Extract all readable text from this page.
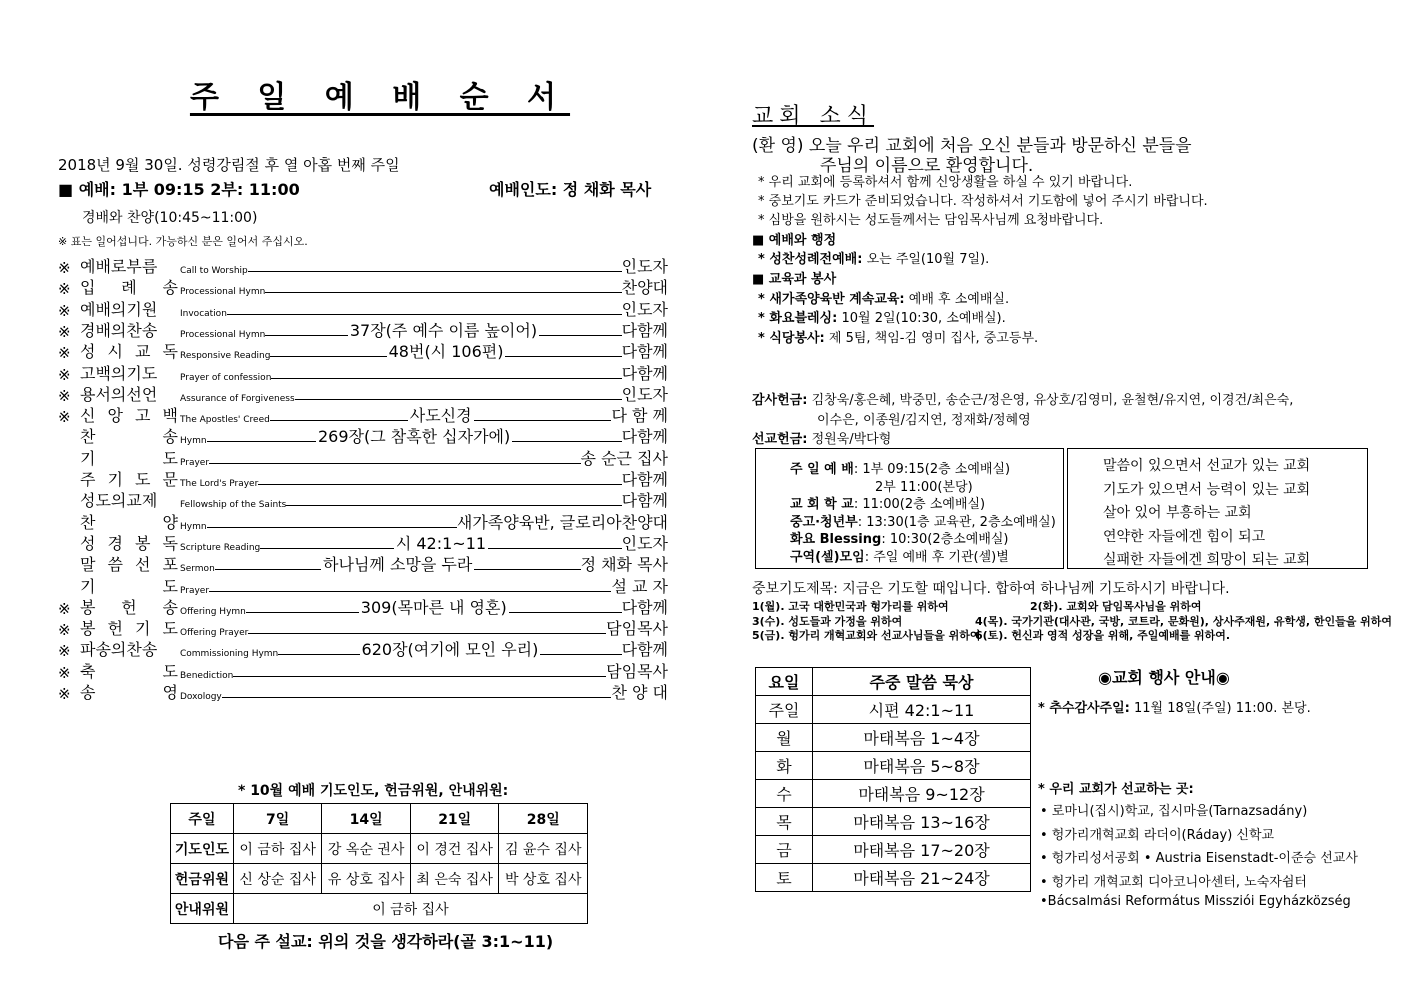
주 일 예 배 순 서
2018년 9월 30일. 성령강림절 후 열 아홉 번째 주일
■ 예배: 1부 09:15 2부: 11:00	예배인도: 정 채화 목사
경배와 찬양(10:45~11:00)
※ 표는 일어섭니다. 가능하신 분은 일어서 주십시오.
※ 예배로부름	Call to Worship	인도자
※ 입 례 송 Processional Hymn	찬양대
※ 예배의기원	Invocation	인도자
※ 경배의찬송	Processional Hymn	37장(주 예수 이름 높이어)	다함께
※ 성 시 교 독 Responsive Reading	48번(시 106편)	다함께
※ 고백의기도	Prayer of confession	다함께
※ 용서의선언	Assurance of Forgiveness	인도자
※ 신 앙 고 백 The Apostles' Creed	사도신경	다 함 께
찬	송 Hymn	269장(그 참혹한 십자가에)	다함께
기	도 Prayer	송 순근 집사
주 기 도 문 The Lord's Prayer	다함께
성도의교제	Fellowship of the Saints	다함께
찬	양 Hymn	새가족양육반, 글로리아찬양대
성 경 봉 독 Scripture Reading	시 42:1~11	인도자
말 씀 선 포 Sermon	하나님께 소망을 두라	정 채화 목사
기	도 Prayer	설 교 자
※ 봉 헌 송 Offering Hymn	309(목마른 내 영혼)	다함께
※ 봉 헌 기 도 Offering Prayer	담임목사
※ 파송의찬송	Commissioning Hymn	620장(여기에 모인 우리)	다함께
※ 축	도 Benediction	담임목사
※ 송	영 Doxology	찬 양 대
* 10월 예배 기도인도, 헌금위원, 안내위원:
주일	7일	14일	21일	28일
기도인도	이 금하 집사	강 옥순 권사	이 경건 집사	김 윤수 집사
헌금위원	신 상순 집사	유 상호 집사	최 은숙 집사	박 상호 집사
안내위원	이 금하 집사			
다음 주 설교: 위의 것을 생각하라(골 3:1~11)
교회 소식
(환 영) 오늘 우리 교회에 처음 오신 분들과 방문하신 분들을
주님의 이름으로 환영합니다.
* 우리 교회에 등록하셔서 함께 신앙생활을 하실 수 있기 바랍니다.
* 중보기도 카드가 준비되었습니다. 작성하셔서 기도함에 넣어 주시기 바랍니다.
* 심방을 원하시는 성도들께서는 담임목사님께 요청바랍니다.
■ 예배와 행정
* 성찬성례전예배: 오는 주일(10월 7일).
■ 교육과 봉사
* 새가족양육반 계속교육: 예배 후 소예배실.
* 화요블레싱: 10월 2일(10:30, 소예배실).
* 식당봉사: 제 5팀, 책임-김 영미 집사, 중고등부.
감사헌금: 김창욱/홍은혜, 박중민, 송순근/정은영, 유상호/김영미, 윤철현/유지연, 이경건/최은숙,
이수은, 이종원/김지연, 정재화/정혜영
선교헌금: 정원욱/박다형
주 일 예 배: 1부 09:15(2층 소예배실)
2부 11:00(본당)
교 회 학 교: 11:00(2층 소예배실)
중고·청년부: 13:30(1층 교육관, 2층소예배실)
화요 Blessing: 10:30(2층소예배실)
구역(셀)모임: 주일 예배 후 기관(셀)별
말씀이 있으면서 선교가 있는 교회
기도가 있으면서 능력이 있는 교회
살아 있어 부흥하는 교회
연약한 자들에겐 힘이 되고
실패한 자들에겐 희망이 되는 교회
중보기도제목: 지금은 기도할 때입니다. 합하여 하나님께 기도하시기 바랍니다.
1(월). 고국 대한민국과 헝가리를 위하여	2(화). 교회와 담임목사님을 위하여
3(수). 성도들과 가정을 위하여	4(목). 국가기관(대사관, 국방, 코트라, 문화원), 상사주재원, 유학생, 한인들을 위하여
5(금). 헝가리 개혁교회와 선교사님들을 위하여
6(토). 헌신과 영적 성장을 위해, 주일예배를 위하여.
요일	주중 말씀 묵상
주일	시편 42:1~11
월	마태복음 1~4장
화	마태복음 5~8장
수	마태복음 9~12장
목	마태복음 13~16장
금	마태복음 17~20장
토	마태복음 21~24장
◉교회 행사 안내◉
* 추수감사주일: 11월 18일(주일) 11:00. 본당.
* 우리 교회가 선교하는 곳:
• 로마니(집시)학교, 집시마을(Tarnazsadány)
• 헝가리개혁교회 라더이(Ráday) 신학교
• 헝가리성서공회 • Austria Eisenstadt-이준승 선교사
• 헝가리 개혁교회 디아코니아센터, 노숙자쉼터
•Bácsalmási Református Missziói Egyházközség
